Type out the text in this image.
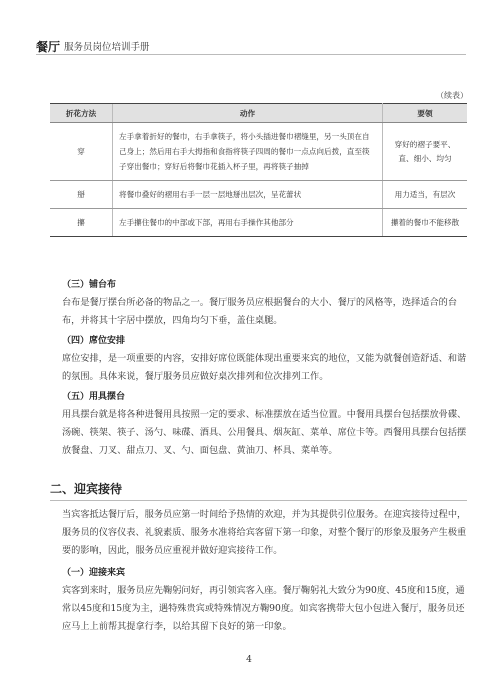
餐厅 服务员岗位培训手册
（续表）
折花方法	动作	要领
穿	左手拿着折好的餐巾，右手拿筷子，将小头插进餐巾褶缝里，另一头顶在自己身上；然后用右手大拇指和食指将筷子四周的餐巾一点点向后拨，直至筷子穿出餐巾；穿好后将餐巾花插入杯子里，再将筷子抽掉	穿好的褶子要平、直、细小、均匀
掰	将餐巾叠好的褶用右手一层一层地掰出层次，呈花蕾状	用力适当，有层次
攥	左手攥住餐巾的中部或下部，再用右手操作其他部分	攥着的餐巾不能移散
（三）铺台布
台布是餐厅摆台所必备的物品之一。餐厅服务员应根据餐台的大小、餐厅的风格等，选择适合的台布，并将其十字居中摆放，四角均匀下垂，盖住桌腿。
（四）席位安排
席位安排，是一项重要的内容，安排好席位既能体现出重要来宾的地位，又能为就餐创造舒适、和谐的氛围。具体来说，餐厅服务员应做好桌次排列和位次排列工作。
（五）用具摆台
用具摆台就是将各种进餐用具按照一定的要求、标准摆放在适当位置。中餐用具摆台包括摆放骨碟、汤碗、筷架、筷子、汤勺、味碟、酒具、公用餐具、烟灰缸、菜单、席位卡等。西餐用具摆台包括摆放餐盘、刀叉、甜点刀、叉、勺、面包盘、黄油刀、杯具、菜单等。
二、迎宾接待
当宾客抵达餐厅后，服务员应第一时间给予热情的欢迎，并为其提供引位服务。在迎宾接待过程中，服务员的仪容仪表、礼貌素质、服务水准将给宾客留下第一印象，对整个餐厅的形象及服务产生极重要的影响，因此，服务员应重视并做好迎宾接待工作。
（一）迎接来宾
宾客到来时，服务员应先鞠躬问好，再引领宾客入座。餐厅鞠躬礼大致分为90度、45度和15度，通常以45度和15度为主，遇特殊贵宾或特殊情况方鞠90度。如宾客携带大包小包进入餐厅，服务员还应马上上前帮其提拿行李，以给其留下良好的第一印象。
4
